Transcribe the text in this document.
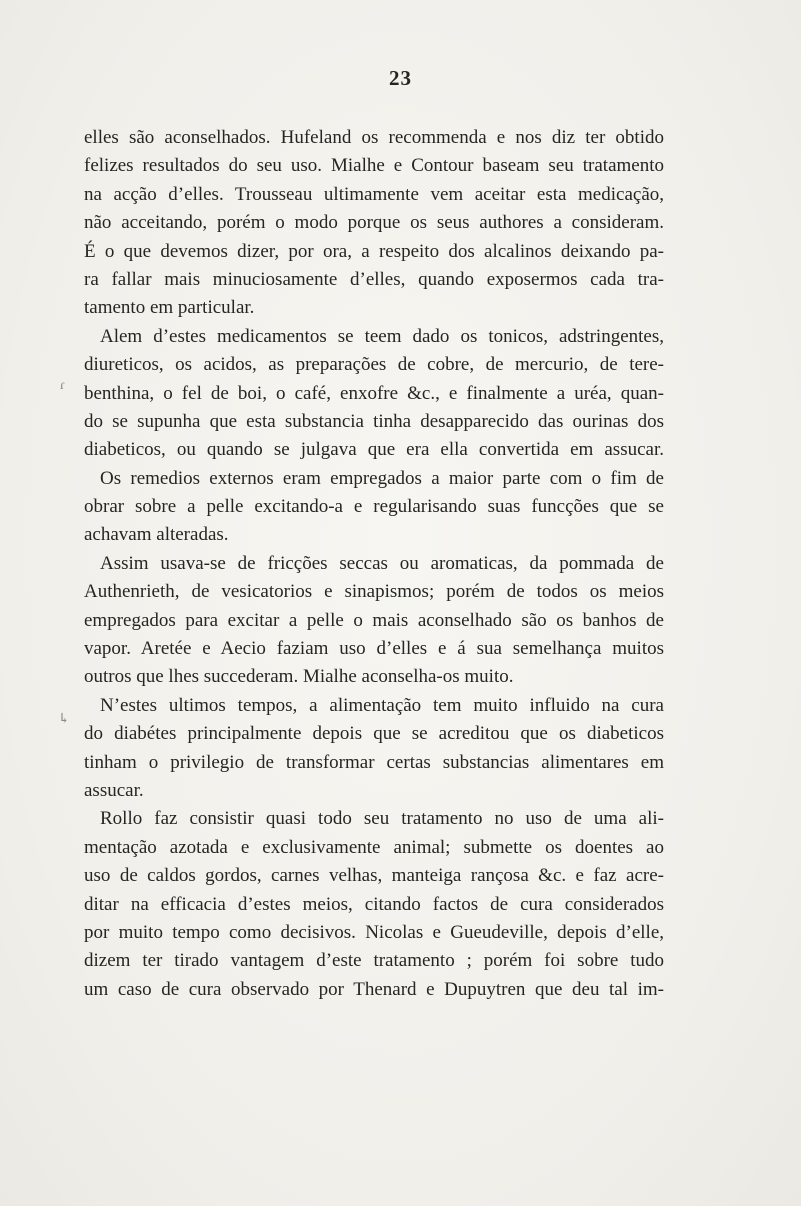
23
ɾ
↳
elles são aconselhados. Hufeland os recommenda e nos diz ter obtido
felizes resultados do seu uso. Mialhe e Contour baseam seu tratamento
na acção d’elles. Trousseau ultimamente vem aceitar esta medicação,
não acceitando, porém o modo porque os seus authores a consideram.
É o que devemos dizer, por ora, a respeito dos alcalinos deixando pa-
ra fallar mais minuciosamente d’elles, quando exposermos cada tra-
tamento em particular.
Alem d’estes medicamentos se teem dado os tonicos, adstringentes,
diureticos, os acidos, as preparações de cobre, de mercurio, de tere-
benthina, o fel de boi, o café, enxofre &c., e finalmente a uréa, quan-
do se supunha que esta substancia tinha desapparecido das ourinas dos
diabeticos, ou quando se julgava que era ella convertida em assucar.
Os remedios externos eram empregados a maior parte com o fim de
obrar sobre a pelle excitando-a e regularisando suas funcções que se
achavam alteradas.
Assim usava-se de fricções seccas ou aromaticas, da pommada de
Authenrieth, de vesicatorios e sinapismos; porém de todos os meios
empregados para excitar a pelle o mais aconselhado são os banhos de
vapor. Aretée e Aecio faziam uso d’elles e á sua semelhança muitos
outros que lhes succederam. Mialhe aconselha-os muito.
N’estes ultimos tempos, a alimentação tem muito influido na cura
do diabétes principalmente depois que se acreditou que os diabeticos
tinham o privilegio de transformar certas substancias alimentares em
assucar.
Rollo faz consistir quasi todo seu tratamento no uso de uma ali-
mentação azotada e exclusivamente animal; submette os doentes ao
uso de caldos gordos, carnes velhas, manteiga rançosa &c. e faz acre-
ditar na efficacia d’estes meios, citando factos de cura considerados
por muito tempo como decisivos. Nicolas e Gueudeville, depois d’elle,
dizem ter tirado vantagem d’este tratamento ; porém foi sobre tudo
um caso de cura observado por Thenard e Dupuytren que deu tal im-
